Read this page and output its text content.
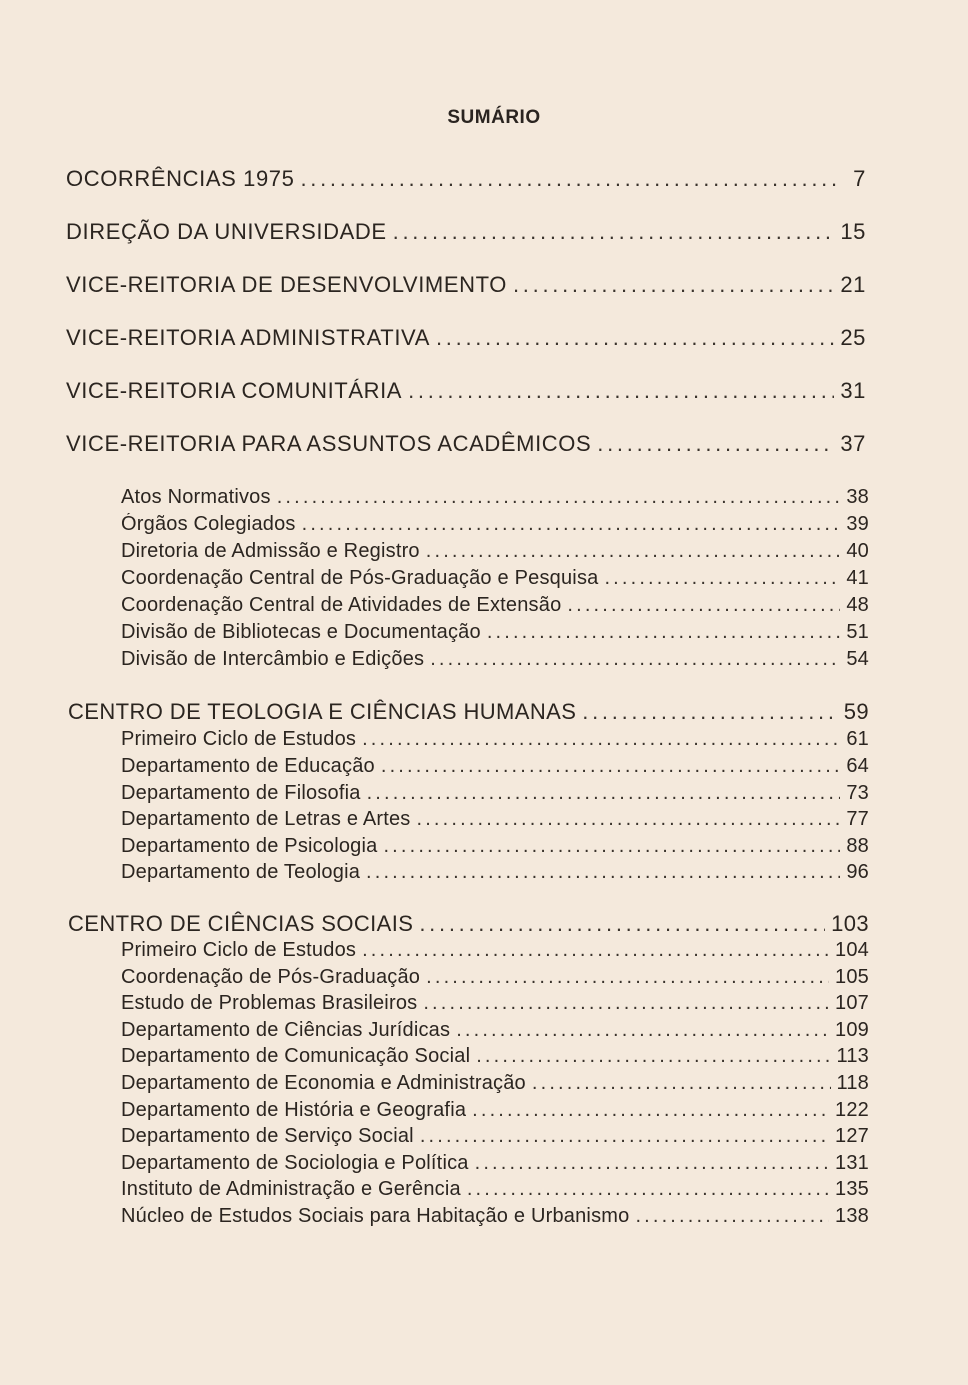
SUMÁRIO
OCORRÊNCIAS 1975 . . .	7
DIREÇÃO DA UNIVERSIDADE . . .	15
VICE-REITORIA DE DESENVOLVIMENTO . . .	21
VICE-REITORIA ADMINISTRATIVA . . .	25
VICE-REITORIA COMUNITÁRIA . . .	31
VICE-REITORIA PARA ASSUNTOS ACADÊMICOS . . .	37
Atos Normativos . . .	38
Órgãos Colegiados . . .	39
Diretoria de Admissão e Registro . . .	40
Coordenação Central de Pós-Graduação e Pesquisa . . .	41
Coordenação Central de Atividades de Extensão . . .	48
Divisão de Bibliotecas e Documentação . . .	51
Divisão de Intercâmbio e Edições . . .	54
CENTRO DE TEOLOGIA E CIÊNCIAS HUMANAS . . .	59
Primeiro Ciclo de Estudos . . .	61
Departamento de Educação . . .	64
Departamento de Filosofia . . .	73
Departamento de Letras e Artes . . .	77
Departamento de Psicologia . . .	88
Departamento de Teologia . . .	96
CENTRO DE CIÊNCIAS SOCIAIS . . .	103
Primeiro Ciclo de Estudos . . .	104
Coordenação de Pós-Graduação . . .	105
Estudo de Problemas Brasileiros . . .	107
Departamento de Ciências Jurídicas . . .	109
Departamento de Comunicação Social . . .	113
Departamento de Economia e Administração . . .	118
Departamento de História e Geografia . . .	122
Departamento de Serviço Social . . .	127
Departamento de Sociologia e Política . . .	131
Instituto de Administração e Gerência . . .	135
Núcleo de Estudos Sociais para Habitação e Urbanismo . . .	138
